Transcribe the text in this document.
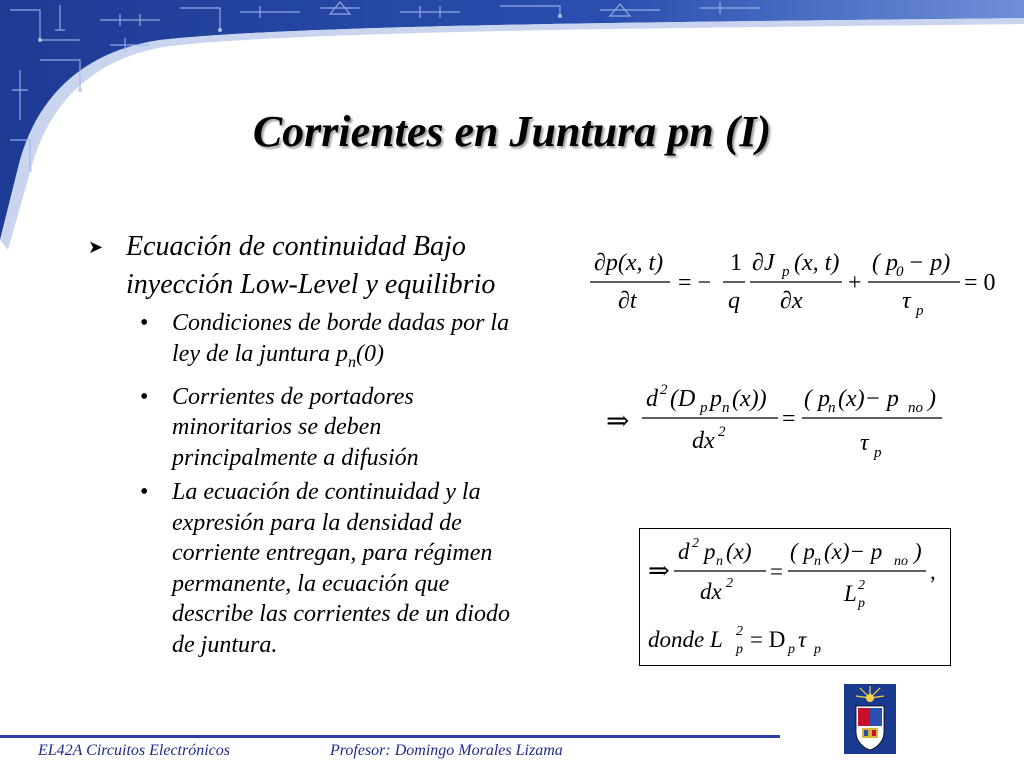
Corrientes en Juntura pn (I)
➤ Ecuación de continuidad Bajo inyección Low-Level y equilibrio
• Condiciones de borde dadas por la ley de la juntura $p_n(0)$
• Corrientes de portadores minoritarios se deben principalmente a difusión
• La ecuación de continuidad y la expresión para la densidad de corriente entregan, para régimen permanente, la ecuación que describe las corrientes de un diodo de juntura.
∂p(x, t)
∂t
= −
1
q
∂J p (x, t)
∂x
+
( p
0 − p)
τ p
= 0
⇒
d 2 (D p p n (x))
dx 2 =
( p
n (x)− p no )
τ p
⇒
d 2 p n (x)
dx 2 =
( p n (x)− p no )
L 2
p
,
donde L 2
p = D p τ p
EL42A Circuitos Electrónicos	Profesor: Domingo Morales Lizama
